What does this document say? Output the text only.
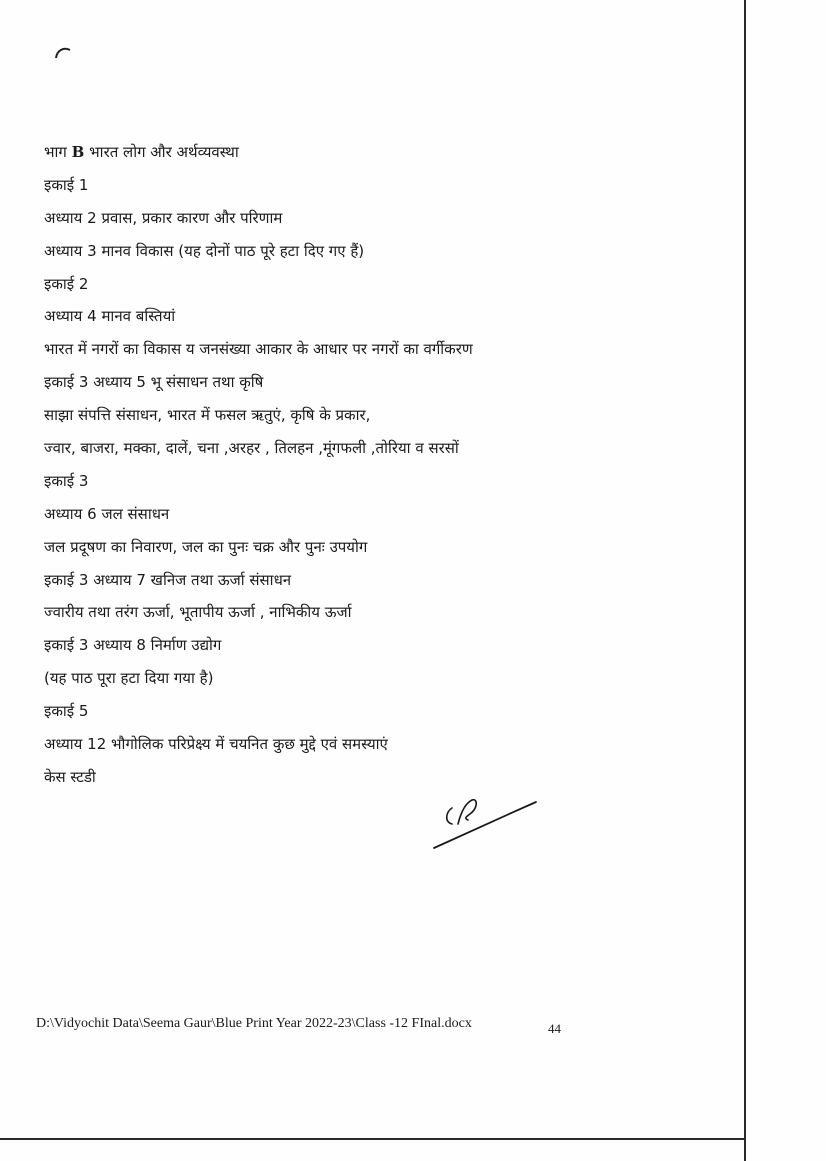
भाग B भारत लोग और अर्थव्यवस्था
इकाई 1
अध्याय 2 प्रवास, प्रकार कारण और परिणाम
अध्याय 3 मानव विकास (यह दोनों पाठ पूरे हटा दिए गए हैं)
इकाई 2
अध्याय 4 मानव बस्तियां
भारत में नगरों का विकास य जनसंख्या आकार के आधार पर नगरों का वर्गीकरण
इकाई 3 अध्याय 5 भू संसाधन तथा कृषि
साझा संपत्ति संसाधन, भारत में फसल ऋतुएं, कृषि के प्रकार,
ज्वार, बाजरा, मक्का, दालें, चना ,अरहर , तिलहन ,मूंगफली ,तोरिया व सरसों
इकाई 3
अध्याय 6 जल संसाधन
जल प्रदूषण का निवारण, जल का पुनः चक्र और पुनः उपयोग
इकाई 3 अध्याय 7 खनिज तथा ऊर्जा संसाधन
ज्वारीय तथा तरंग ऊर्जा, भूतापीय ऊर्जा , नाभिकीय ऊर्जा
इकाई 3 अध्याय 8 निर्माण उद्योग
(यह पाठ पूरा हटा दिया गया है)
इकाई 5
अध्याय 12 भौगोलिक परिप्रेक्ष्य में चयनित कुछ मुद्दे एवं समस्याएं
केस स्टडी
D:\Vidyochit Data\Seema Gaur\Blue Print Year 2022-23\Class -12 FInal.docx	44
